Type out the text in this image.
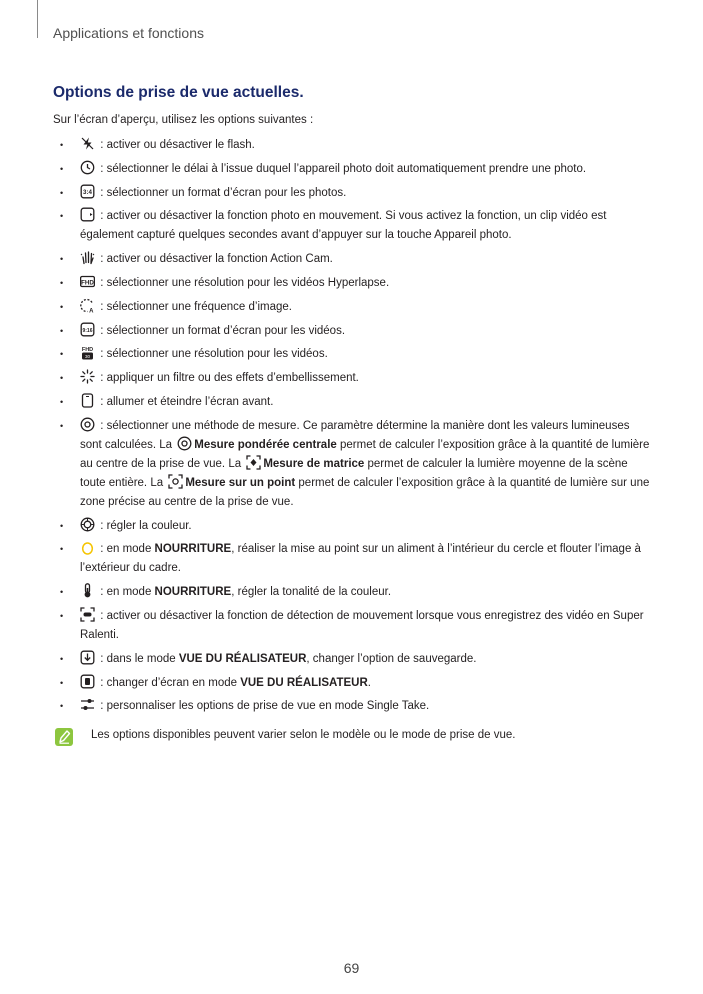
Applications et fonctions
Options de prise de vue actuelles.

Sur l’écran d’aperçu, utilisez les options suivantes :

• : activer ou désactiver le flash.
• : sélectionner le délai à l’issue duquel l’appareil photo doit automatiquement prendre une photo.
• 3:4 : sélectionner un format d’écran pour les photos.
• : activer ou désactiver la fonction photo en mouvement. Si vous activez la fonction, un clip vidéo est également capturé quelques secondes avant d’appuyer sur la touche Appareil photo.
• : activer ou désactiver la fonction Action Cam.
• FHD : sélectionner une résolution pour les vidéos Hyperlapse.
• A : sélectionner une fréquence d’image.
• 9:16 : sélectionner un format d’écran pour les vidéos.
• FHD
30 : sélectionner une résolution pour les vidéos.
• : appliquer un filtre ou des effets d’embellissement.
• : allumer et éteindre l’écran avant.
• : sélectionner une méthode de mesure. Ce paramètre détermine la manière dont les valeurs lumineuses sont calculées. La
Mesure pondérée centrale permet de calculer l’exposition grâce à la quantité de lumière au centre de la prise de vue. La
Mesure de matrice permet de calculer la lumière moyenne de la scène toute entière. La
Mesure sur un point permet de calculer l’exposition grâce à la quantité de lumière sur une zone précise au centre de la prise de vue.
• : régler la couleur.
• : en mode NOURRITURE, réaliser la mise au point sur un aliment à l’intérieur du cercle et flouter l’image à l’extérieur du cadre.
• : en mode NOURRITURE, régler la tonalité de la couleur.
• : activer ou désactiver la fonction de détection de mouvement lorsque vous enregistrez des vidéo en Super Ralenti.
• : dans le mode VUE DU RÉALISATEUR, changer l’option de sauvegarde.
• : changer d’écran en mode VUE DU RÉALISATEUR.
• : personnaliser les options de prise de vue en mode Single Take.
Les options disponibles peuvent varier selon le modèle ou le mode de prise de vue.
69
